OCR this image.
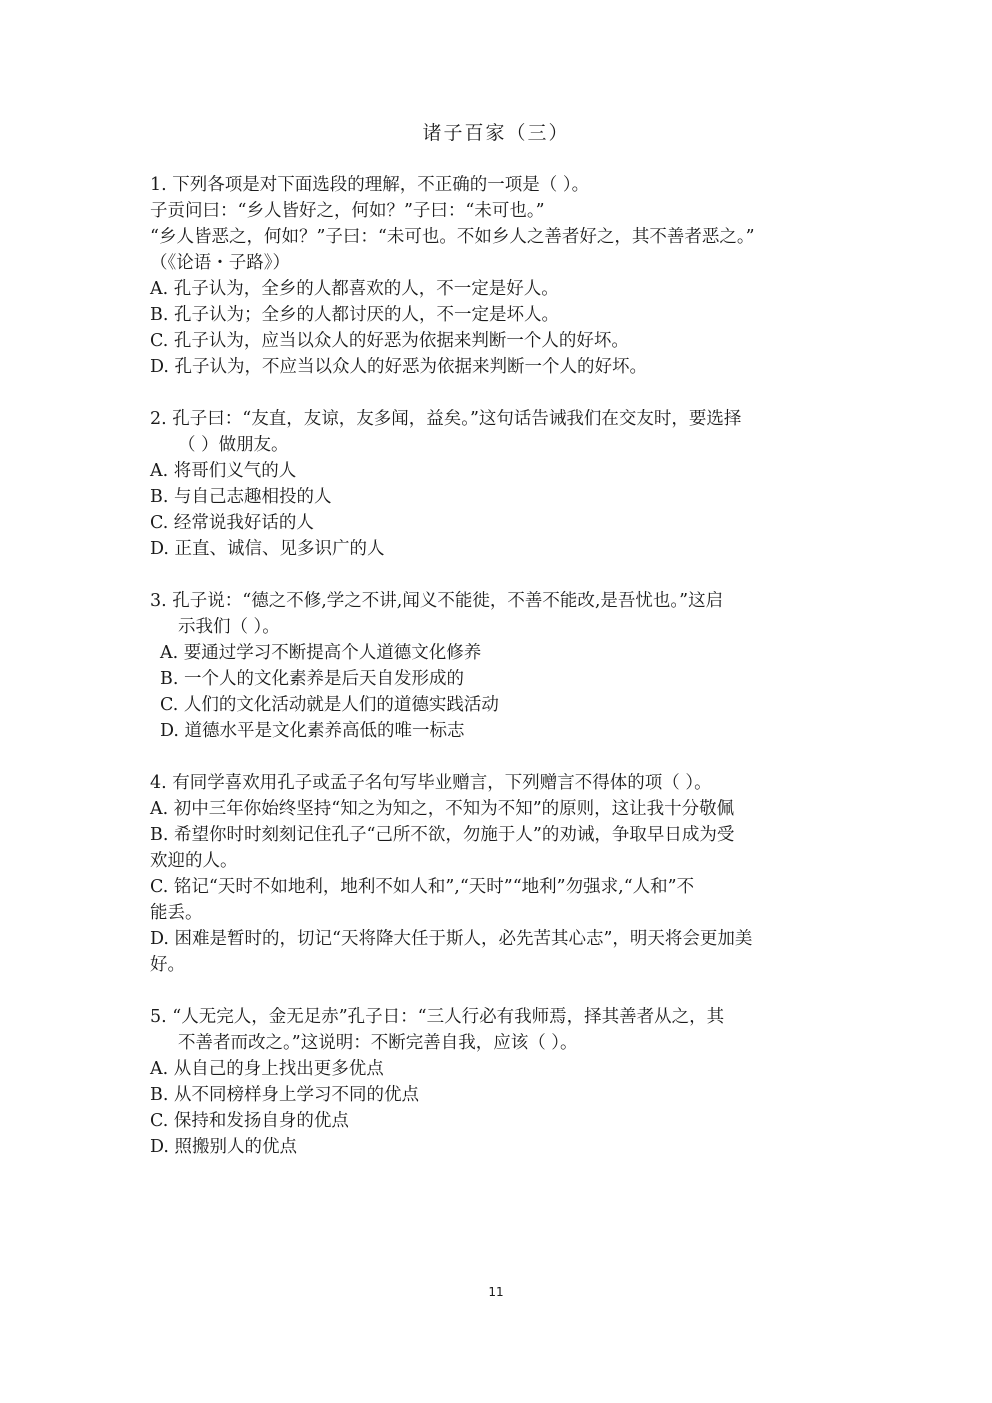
诸子百家（三）
1. 下列各项是对下面选段的理解，不正确的一项是（ ）。
子贡问曰：“乡人皆好之，何如？”子曰：“未可也。”
“乡人皆恶之，何如？”子曰：“未可也。不如乡人之善者好之，其不善者恶之。”
（《论语・子路》）
A. 孔子认为，全乡的人都喜欢的人，不一定是好人。
B. 孔子认为；全乡的人都讨厌的人，不一定是坏人。
C. 孔子认为，应当以众人的好恶为依据来判断一个人的好坏。
D. 孔子认为，不应当以众人的好恶为依据来判断一个人的好坏。
2. 孔子曰：“友直，友谅，友多闻，益矣。”这句话告诫我们在交友时，要选择
（ ）做朋友。
A. 将哥们义气的人
B. 与自己志趣相投的人
C. 经常说我好话的人
D. 正直、诚信、见多识广的人
3. 孔子说：“德之不修,学之不讲,闻义不能徙，不善不能改,是吾忧也。”这启
示我们（ ）。
A. 要通过学习不断提高个人道德文化修养
B. 一个人的文化素养是后天自发形成的
C. 人们的文化活动就是人们的道德实践活动
D. 道德水平是文化素养高低的唯一标志
4. 有同学喜欢用孔子或孟子名句写毕业赠言，下列赠言不得体的项（ ）。
A. 初中三年你始终坚持“知之为知之，不知为不知”的原则，这让我十分敬佩
B. 希望你时时刻刻记住孔子“己所不欲，勿施于人”的劝诫，争取早日成为受
欢迎的人。
C. 铭记“天时不如地利，地利不如人和”,“天时”“地利”勿强求,“人和”不
能丢。
D. 困难是暂时的，切记“天将降大任于斯人，必先苦其心志”，明天将会更加美
好。
5. “人无完人，金无足赤”孔子日：“三人行必有我师焉，择其善者从之，其
不善者而改之。”这说明：不断完善自我，应该（ ）。
A. 从自己的身上找出更多优点
B. 从不同榜样身上学习不同的优点
C. 保持和发扬自身的优点
D. 照搬别人的优点
11
